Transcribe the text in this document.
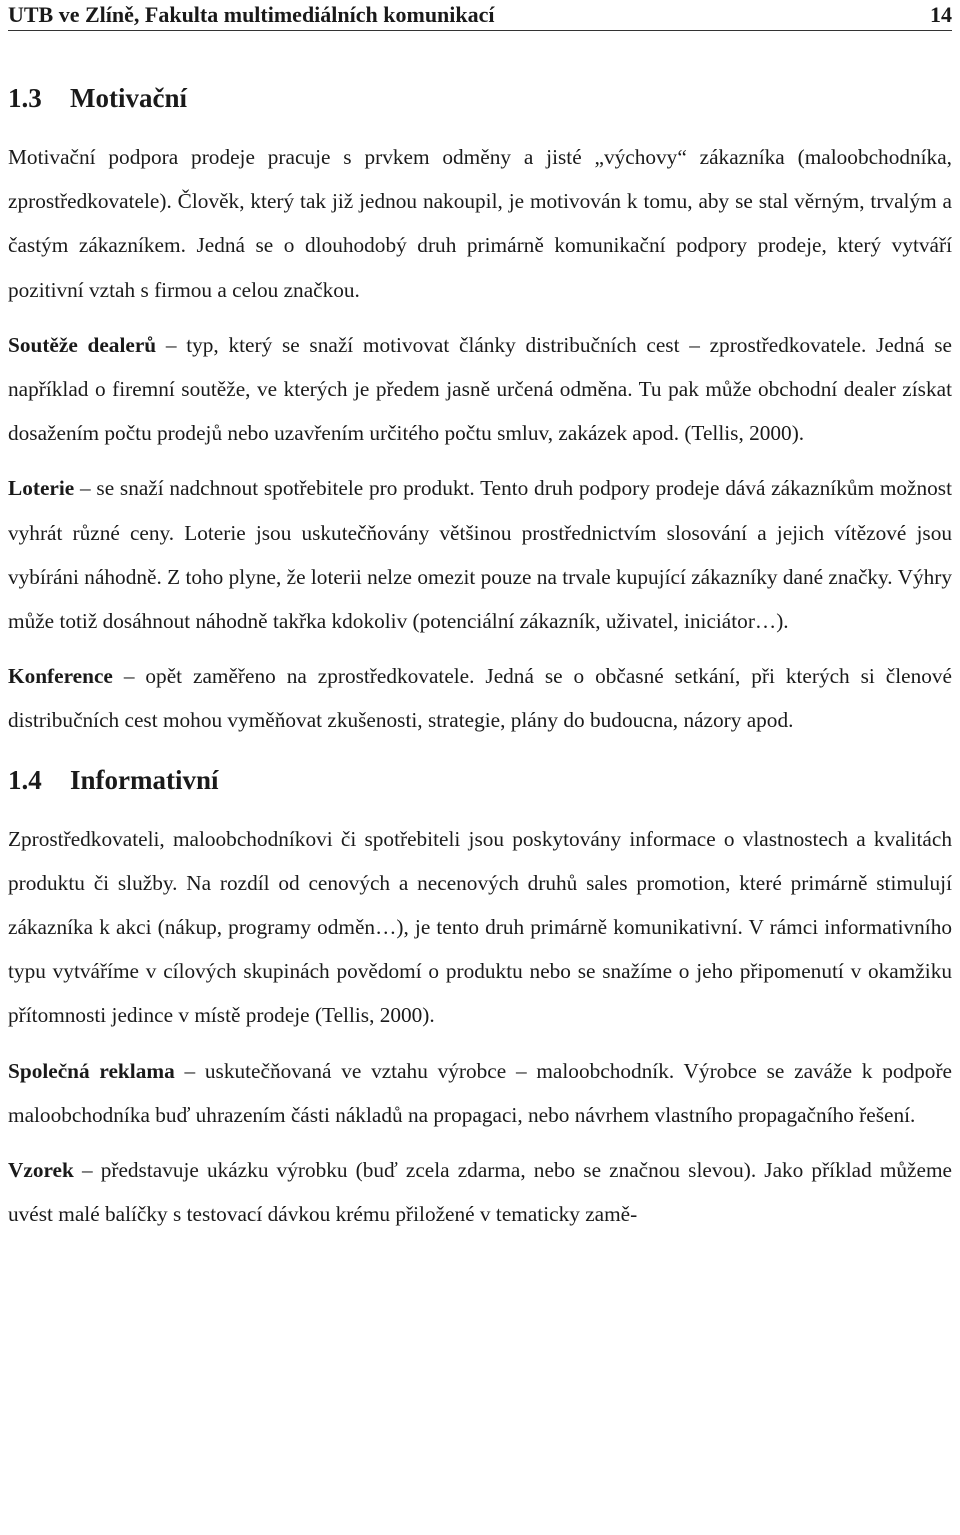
UTB ve Zlíně, Fakulta multimediálních komunikací	14
1.3 Motivační

Motivační podpora prodeje pracuje s prvkem odměny a jisté „výchovy“ zákazníka (maloobchodníka, zprostředkovatele). Člověk, který tak již jednou nakoupil, je motivován k tomu, aby se stal věrným, trvalým a častým zákazníkem. Jedná se o dlouhodobý druh primárně komunikační podpory prodeje, který vytváří pozitivní vztah s firmou a celou značkou.

Soutěže dealerů – typ, který se snaží motivovat články distribučních cest – zprostředkovatele. Jedná se například o firemní soutěže, ve kterých je předem jasně určená odměna. Tu pak může obchodní dealer získat dosažením počtu prodejů nebo uzavřením určitého počtu smluv, zakázek apod. (Tellis, 2000).

Loterie – se snaží nadchnout spotřebitele pro produkt. Tento druh podpory prodeje dává zákazníkům možnost vyhrát různé ceny. Loterie jsou uskutečňovány většinou prostřednictvím slosování a jejich vítězové jsou vybíráni náhodně. Z toho plyne, že loterii nelze omezit pouze na trvale kupující zákazníky dané značky. Výhry může totiž dosáhnout náhodně takřka kdokoliv (potenciální zákazník, uživatel, iniciátor…).

Konference – opět zaměřeno na zprostředkovatele. Jedná se o občasné setkání, při kterých si členové distribučních cest mohou vyměňovat zkušenosti, strategie, plány do budoucna, názory apod.

1.4 Informativní

Zprostředkovateli, maloobchodníkovi či spotřebiteli jsou poskytovány informace o vlastnostech a kvalitách produktu či služby. Na rozdíl od cenových a necenových druhů sales promotion, které primárně stimulují zákazníka k akci (nákup, programy odměn…), je tento druh primárně komunikativní. V rámci informativního typu vytváříme v cílových skupinách povědomí o produktu nebo se snažíme o jeho připomenutí v okamžiku přítomnosti jedince v místě prodeje (Tellis, 2000).

Společná reklama – uskutečňovaná ve vztahu výrobce – maloobchodník. Výrobce se zaváže k podpoře maloobchodníka buď uhrazením části nákladů na propagaci, nebo návrhem vlastního propagačního řešení.

Vzorek – představuje ukázku výrobku (buď zcela zdarma, nebo se značnou slevou). Jako příklad můžeme uvést malé balíčky s testovací dávkou krému přiložené v tematicky zamě-
